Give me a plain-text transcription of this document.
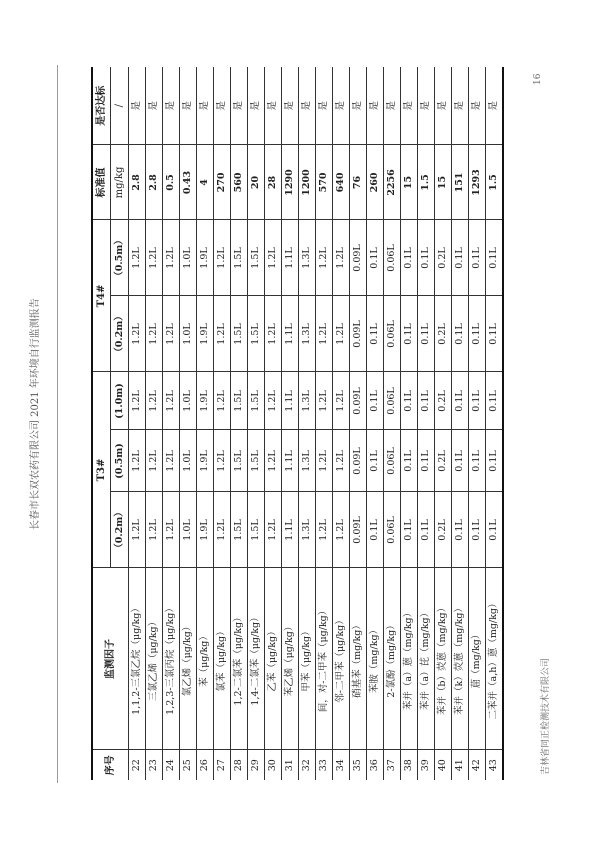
长春市长双农药有限公司 2021 年环境自行监测报告
16
吉林省同正检测技术有限公司
序号	监测因子	T3#			T4#		标准值	是否达标
		（0.2m）	(0.5m)	(1.0m)	（0.2m）	（0.5m）	mg/kg	/
22	1,1,2-三氯乙烷（μg/kg）	1.2L	1.2L	1.2L	1.2L	1.2L	2.8	是
23	三氯乙烯（μg/kg）	1.2L	1.2L	1.2L	1.2L	1.2L	2.8	是
24	1,2,3-三氯丙烷（μg/kg）	1.2L	1.2L	1.2L	1.2L	1.2L	0.5	是
25	氯乙烯（μg/kg）	1.0L	1.0L	1.0L	1.0L	1.0L	0.43	是
26	苯（μg/kg）	1.9L	1.9L	1.9L	1.9L	1.9L	4	是
27	氯苯（μg/kg）	1.2L	1.2L	1.2L	1.2L	1.2L	270	是
28	1,2-二氯苯（μg/kg）	1.5L	1.5L	1.5L	1.5L	1.5L	560	是
29	1,4-二氯苯（μg/kg）	1.5L	1.5L	1.5L	1.5L	1.5L	20	是
30	乙苯（μg/kg）	1.2L	1.2L	1.2L	1.2L	1.2L	28	是
31	苯乙烯（μg/kg）	1.1L	1.1L	1.1L	1.1L	1.1L	1290	是
32	甲苯（μg/kg）	1.3L	1.3L	1.3L	1.3L	1.3L	1200	是
33	间，对-二甲苯（μg/kg）	1.2L	1.2L	1.2L	1.2L	1.2L	570	是
34	邻-二甲苯（μg/kg）	1.2L	1.2L	1.2L	1.2L	1.2L	640	是
35	硝基苯（mg/kg）	0.09L	0.09L	0.09L	0.09L	0.09L	76	是
36	苯胺（mg/kg）	0.1L	0.1L	0.1L	0.1L	0.1L	260	是
37	2-氯酚（mg/kg）	0.06L	0.06L	0.06L	0.06L	0.06L	2256	是
38	苯并（a）蒽（mg/kg）	0.1L	0.1L	0.1L	0.1L	0.1L	15	是
39	苯并（a）芘（mg/kg）	0.1L	0.1L	0.1L	0.1L	0.1L	1.5	是
40	苯并（b）荧蒽（mg/kg）	0.2L	0.2L	0.2L	0.2L	0.2L	15	是
41	苯并（k）荧蒽（mg/kg）	0.1L	0.1L	0.1L	0.1L	0.1L	151	是
42	䓛（mg/kg）	0.1L	0.1L	0.1L	0.1L	0.1L	1293	是
43	二苯并（a,h）蒽（mg/kg）	0.1L	0.1L	0.1L	0.1L	0.1L	1.5	是
